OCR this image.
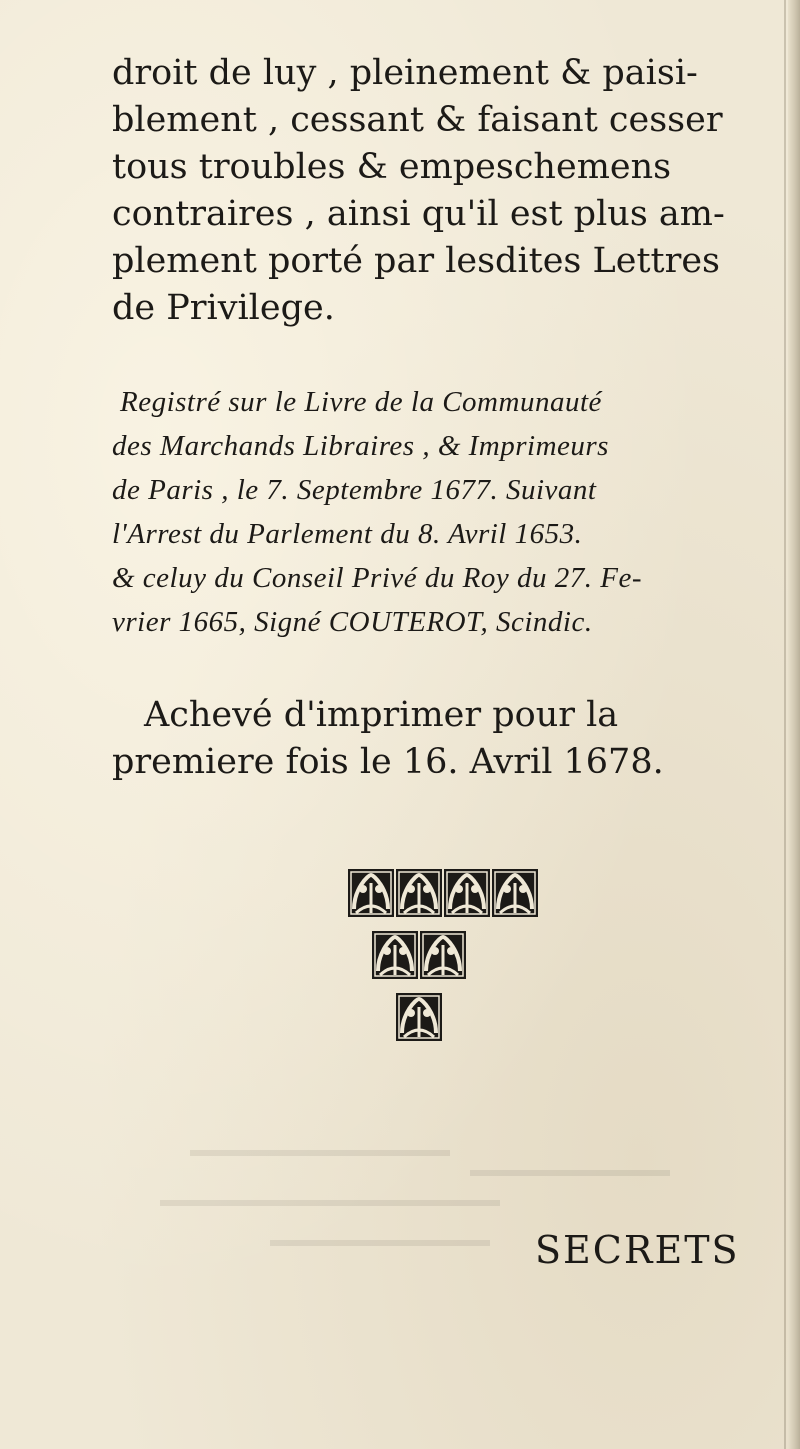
droit de luy , pleinement & paisi-
blement , cessant & faisant cesser
tous troubles & empeschemens
contraires , ainsi qu'il est plus am-
plement porté par lesdites Lettres
de Privilege.
Registré sur le Livre de la Communauté
des Marchands Libraires , & Imprimeurs
de Paris , le 7. Septembre 1677. Suivant
l'Arrest du Parlement du 8. Avril 1653.
& celuy du Conseil Privé du Roy du 27. Fe-
vrier 1665, Signé COUTEROT, Scindic.
Achevé d'imprimer pour la
premiere fois le 16. Avril 1678.
SECRETS
